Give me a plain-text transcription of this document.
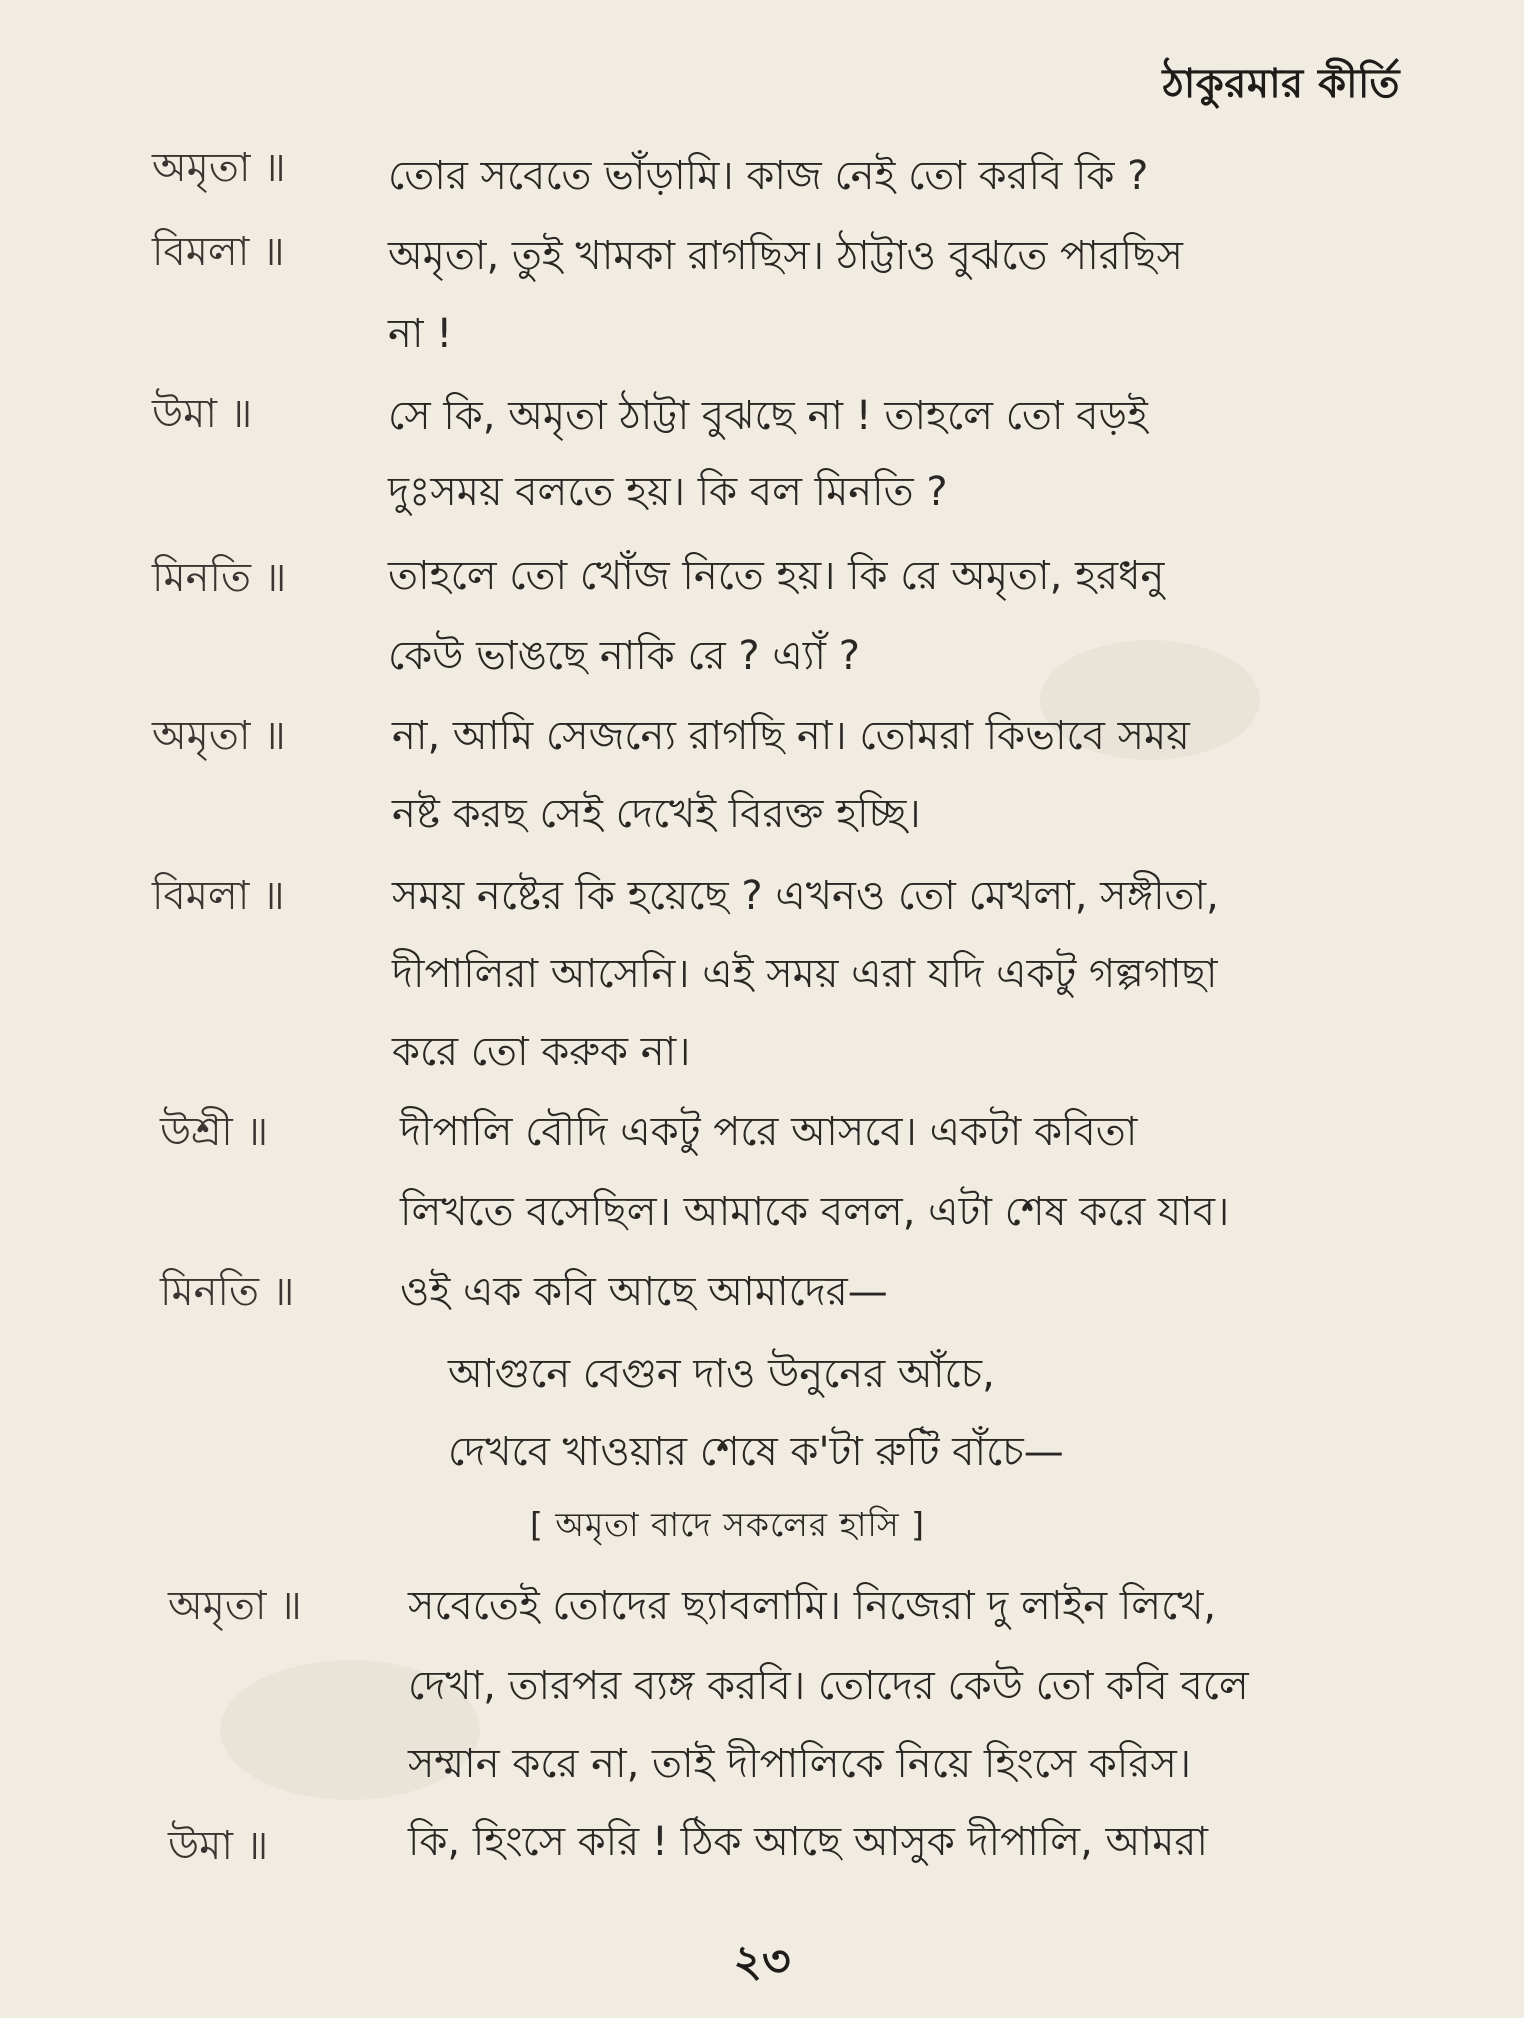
ঠাকুরমার কীর্তি
অমৃতা ॥	তোর সবেতে ভাঁড়ামি। কাজ নেই তো করবি কি ?
বিমলা ॥	অমৃতা, তুই খামকা রাগছিস। ঠাট্টাও বুঝতে পারছিস
না !
উমা ॥	সে কি, অমৃতা ঠাট্টা বুঝছে না ! তাহলে তো বড়ই
দুঃসময় বলতে হয়। কি বল মিনতি ?
মিনতি ॥	তাহলে তো খোঁজ নিতে হয়। কি রে অমৃতা, হরধনু
কেউ ভাঙছে নাকি রে ? এ্যাঁ ?
অমৃতা ॥	না, আমি সেজন্যে রাগছি না। তোমরা কিভাবে সময়
নষ্ট করছ সেই দেখেই বিরক্ত হচ্ছি।
বিমলা ॥	সময় নষ্টের কি হয়েছে ? এখনও তো মেখলা, সঙ্গীতা,
দীপালিরা আসেনি। এই সময় এরা যদি একটু গল্পগাছা
করে তো করুক না।
উশ্রী ॥	দীপালি বৌদি একটু পরে আসবে। একটা কবিতা
লিখতে বসেছিল। আমাকে বলল, এটা শেষ করে যাব।
মিনতি ॥	ওই এক কবি আছে আমাদের—
আগুনে বেগুন দাও উনুনের আঁচে,
দেখবে খাওয়ার শেষে ক'টা রুটি বাঁচে—
[ অমৃতা বাদে সকলের হাসি ]
অমৃতা ॥	সবেতেই তোদের ছ্যাবলামি। নিজেরা দু লাইন লিখে,
দেখা, তারপর ব্যঙ্গ করবি। তোদের কেউ তো কবি বলে
সম্মান করে না, তাই দীপালিকে নিয়ে হিংসে করিস।
উমা ॥	কি, হিংসে করি ! ঠিক আছে আসুক দীপালি, আমরা
২৩
